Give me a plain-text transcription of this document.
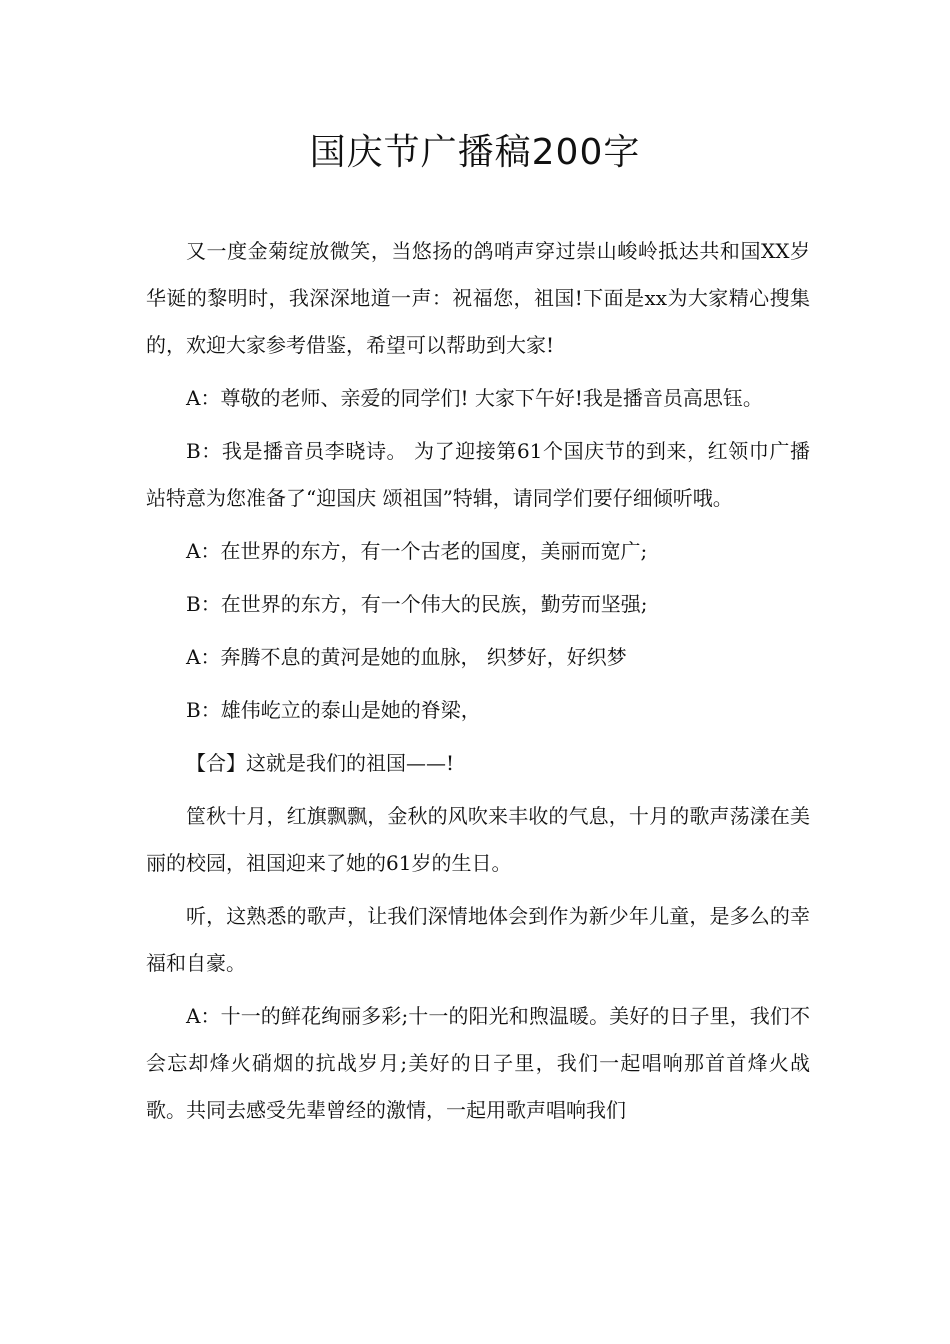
国庆节广播稿200字

又一度金菊绽放微笑，当悠扬的鸽哨声穿过崇山峻岭抵达共和国XX岁华诞的黎明时，我深深地道一声：祝福您，祖国!下面是xx为大家精心搜集的，欢迎大家参考借鉴，希望可以帮助到大家!

A：尊敬的老师、亲爱的同学们! 大家下午好!我是播音员高思钰。

B：我是播音员李晓诗。 为了迎接第61个国庆节的到来，红领巾广播站特意为您准备了“迎国庆 颂祖国”特辑，请同学们要仔细倾听哦。

A：在世界的东方，有一个古老的国度，美丽而宽广;

B：在世界的东方，有一个伟大的民族，勤劳而坚强;

A：奔腾不息的黄河是她的血脉， 织梦好，好织梦

B：雄伟屹立的泰山是她的脊梁，

【合】这就是我们的祖国——!

筐秋十月，红旗飘飘，金秋的风吹来丰收的气息，十月的歌声荡漾在美丽的校园，祖国迎来了她的61岁的生日。

听，这熟悉的歌声，让我们深情地体会到作为新少年儿童，是多么的幸福和自豪。

A：十一的鲜花绚丽多彩;十一的阳光和煦温暖。美好的日子里，我们不会忘却烽火硝烟的抗战岁月;美好的日子里，我们一起唱响那首首烽火战歌。共同去感受先辈曾经的激情，一起用歌声唱响我们
